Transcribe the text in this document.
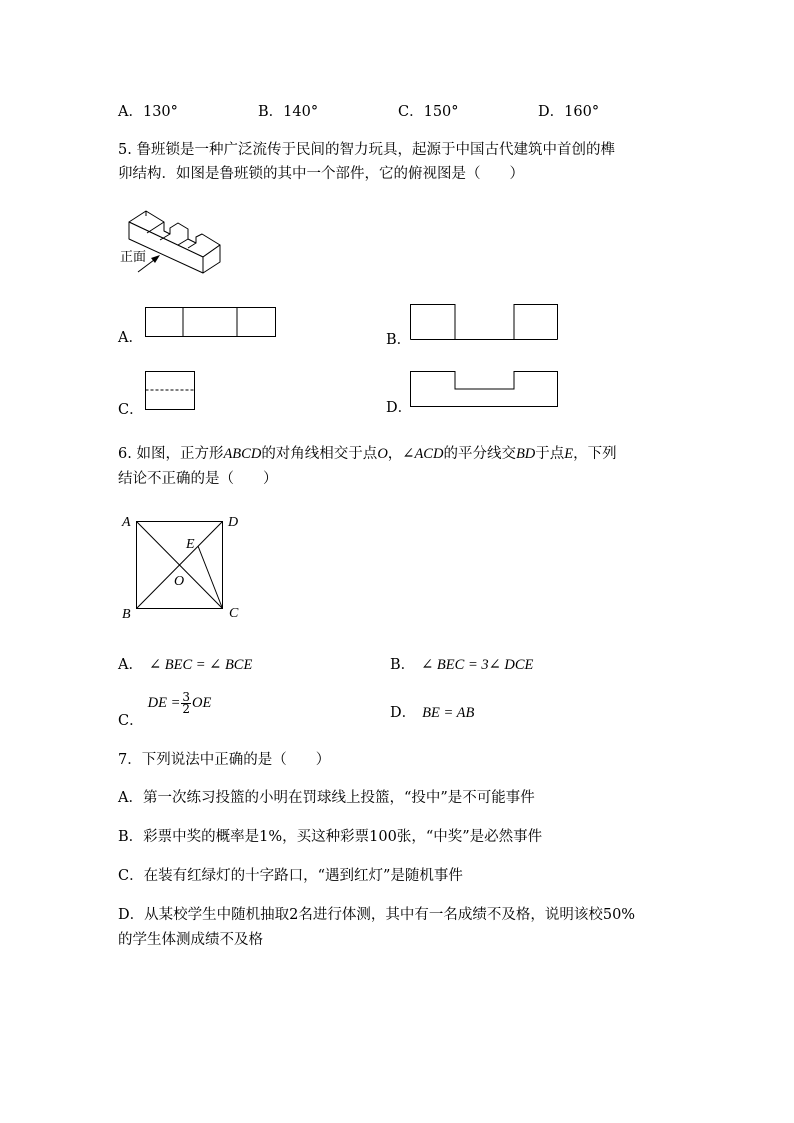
A．130°	B．140°	C．150°	D．160°
5. 鲁班锁是一种广泛流传于民间的智力玩具，起源于中国古代建筑中首创的榫
卯结构．如图是鲁班锁的其中一个部件，它的俯视图是（　　）
正面
A．	B．
C．	D．
6. 如图，正方形ABCD的对角线相交于点O，∠ACD的平分线交BD于点E，下列
结论不正确的是（　　）
A	D
B	C
E
O
A． ∠ BEC = ∠ BCE	B． ∠ BEC = 3∠ DCE
C．DE = $\frac{3}{2}$ OE
D． BE = AB
7．下列说法中正确的是（　　）
A．第一次练习投篮的小明在罚球线上投篮，“投中”是不可能事件
B．彩票中奖的概率是1%，买这种彩票100张，“中奖”是必然事件
C．在装有红绿灯的十字路口，“遇到红灯”是随机事件
D．从某校学生中随机抽取2名进行体测，其中有一名成绩不及格，说明该校50%
的学生体测成绩不及格
